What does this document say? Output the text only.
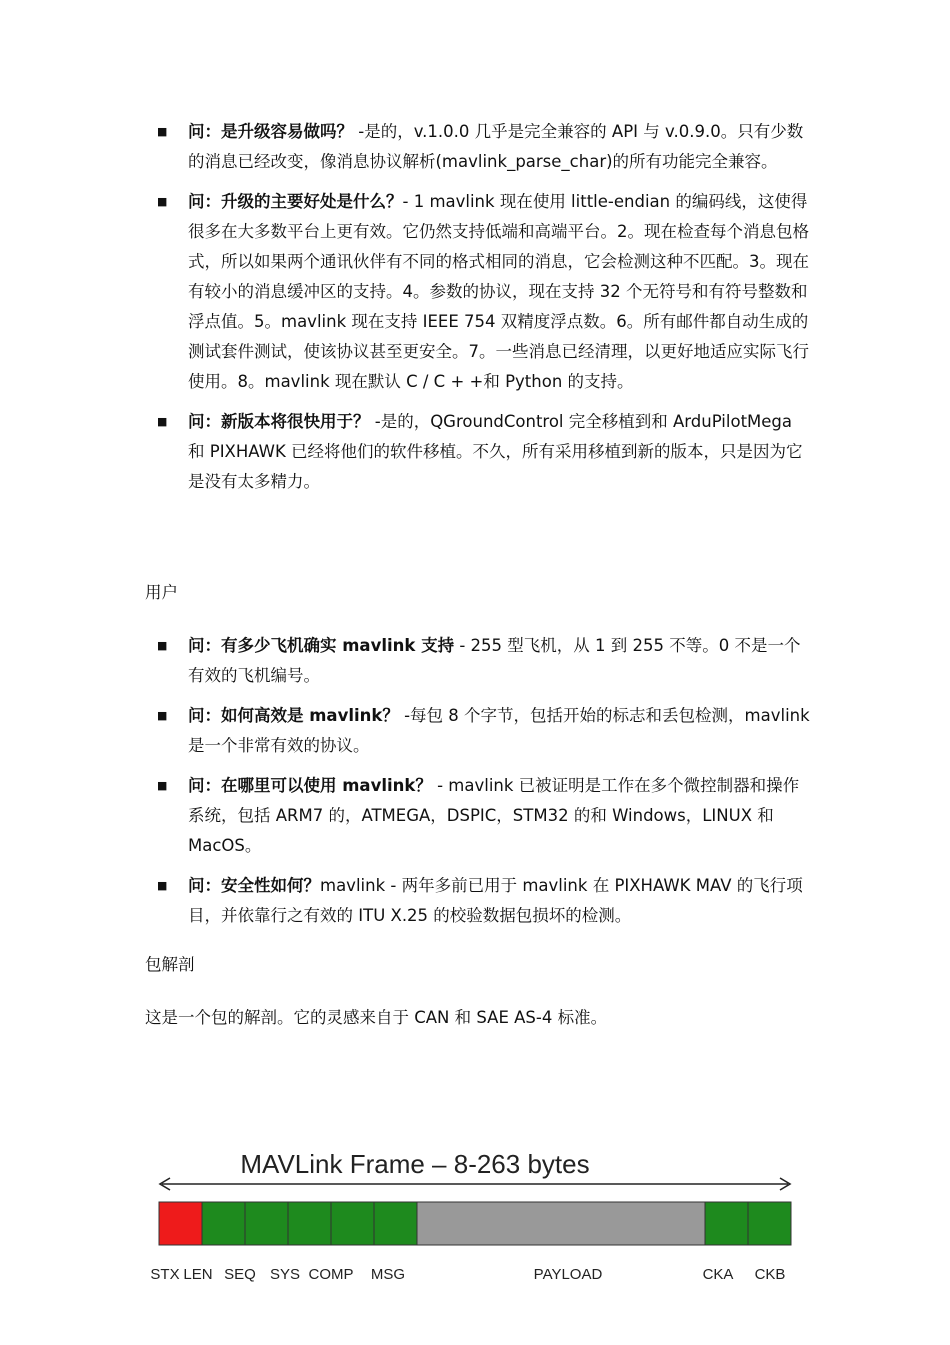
■ 问：是升级容易做吗？ -是的，v.1.0.0 几乎是完全兼容的 API 与 v.0.9.0。只有少数的消息已经改变，像消息协议解析(mavlink_parse_char)的所有功能完全兼容。
■ 问：升级的主要好处是什么？- 1 mavlink 现在使用 little-endian 的编码线，这使得很多在大多数平台上更有效。它仍然支持低端和高端平台。2。现在检查每个消息包格式，所以如果两个通讯伙伴有不同的格式相同的消息，它会检测这种不匹配。3。现在有较小的消息缓冲区的支持。4。参数的协议，现在支持 32 个无符号和有符号整数和浮点值。5。mavlink 现在支持 IEEE 754 双精度浮点数。6。所有邮件都自动生成的测试套件测试，使该协议甚至更安全。7。一些消息已经清理，以更好地适应实际飞行使用。8。mavlink 现在默认 C / C + +和 Python 的支持。
■ 问：新版本将很快用于？ -是的，QGroundControl 完全移植到和 ArduPilotMega 和 PIXHAWK 已经将他们的软件移植。不久，所有采用移植到新的版本，只是因为它是没有太多精力。
用户
■ 问：有多少飞机确实 mavlink 支持 - 255 型飞机，从 1 到 255 不等。0 不是一个有效的飞机编号。
■ 问：如何高效是 mavlink？ -每包 8 个字节，包括开始的标志和丢包检测，mavlink 是一个非常有效的协议。
■ 问：在哪里可以使用 mavlink？ - mavlink 已被证明是工作在多个微控制器和操作系统，包括 ARM7 的，ATMEGA，DSPIC，STM32 的和 Windows，LINUX 和 MacOS。
■ 问：安全性如何？mavlink - 两年多前已用于 mavlink 在 PIXHAWK MAV 的飞行项目，并依靠行之有效的 ITU X.25 的校验数据包损坏的检测。
包解剖
这是一个包的解剖。它的灵感来自于 CAN 和 SAE AS-4 标准。
MAVLink Frame – 8-263 bytes
STX LEN SEQ SYS COMP MSG	PAYLOAD	CKA CKB
